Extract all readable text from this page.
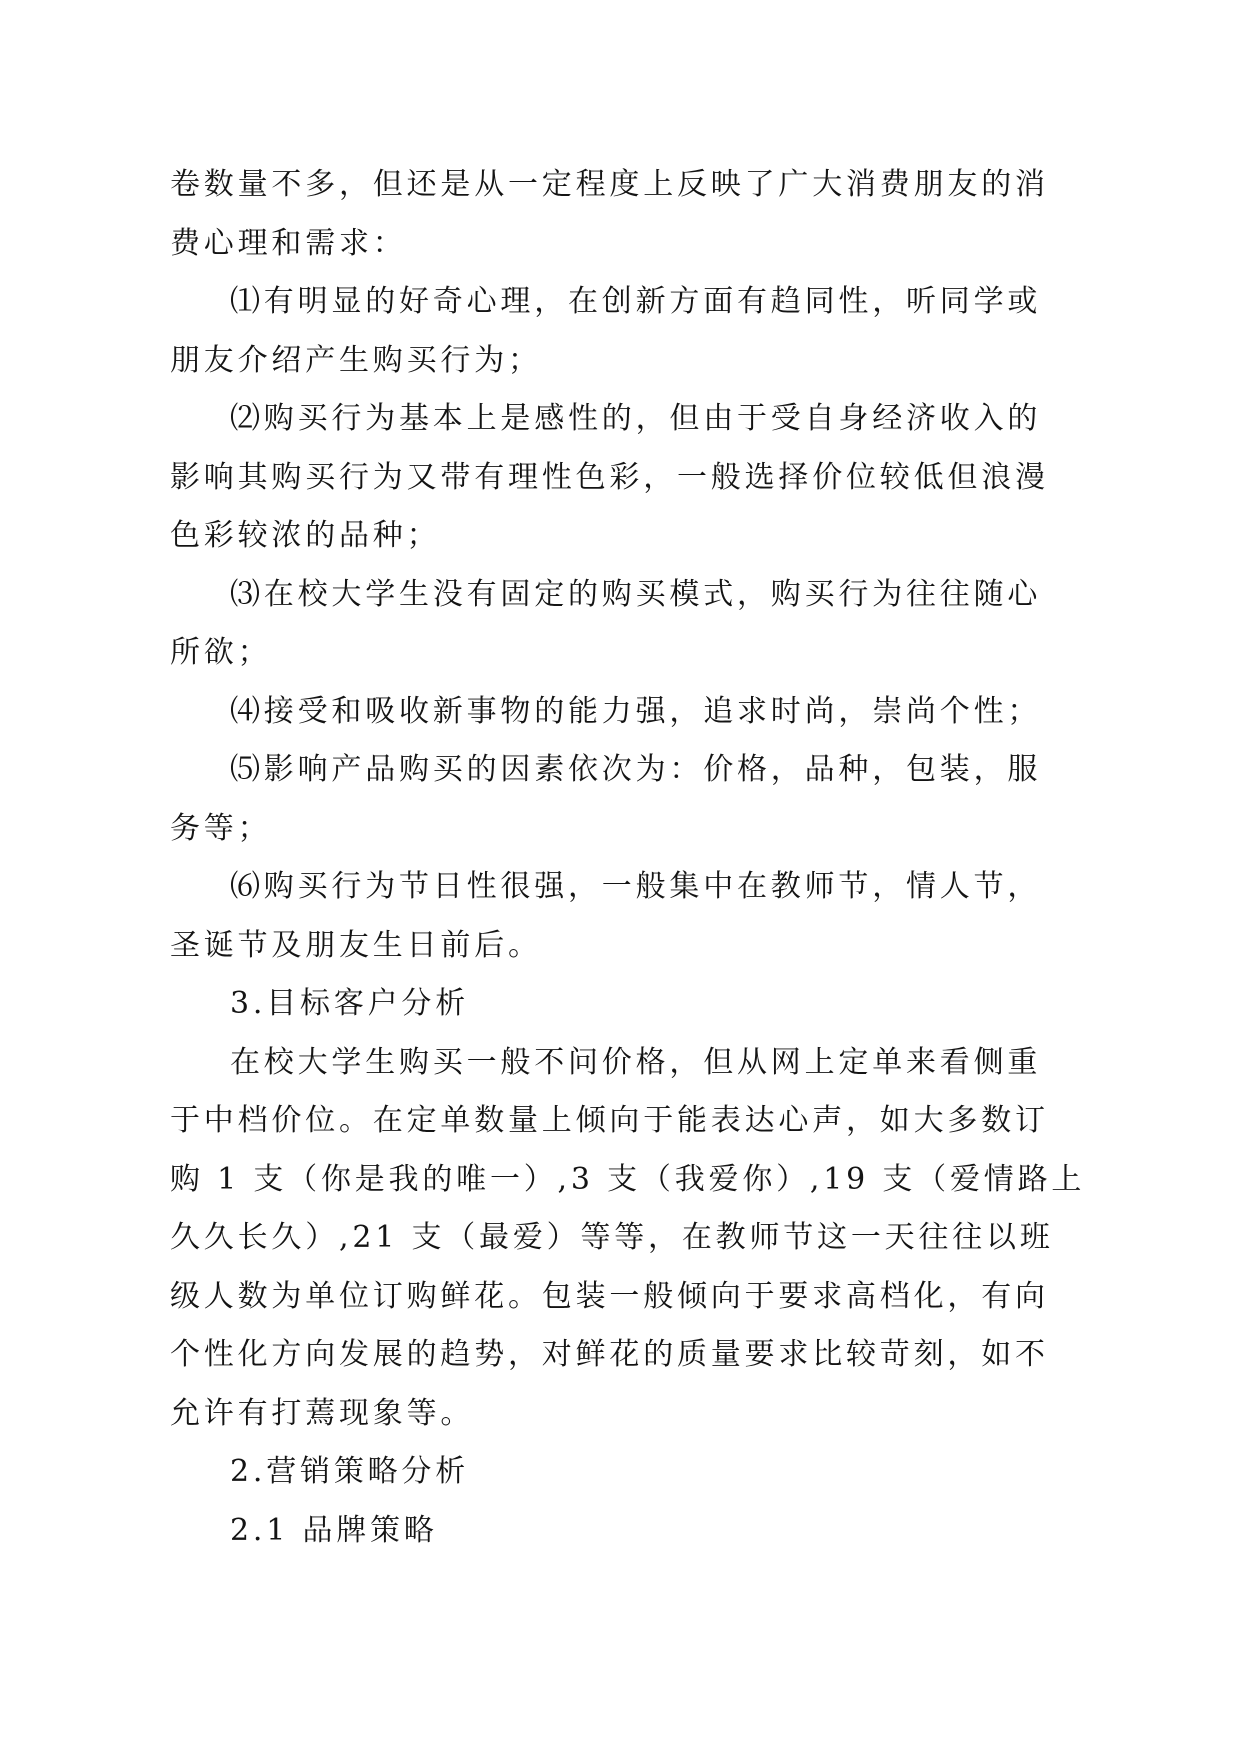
卷数量不多，但还是从一定程度上反映了广大消费朋友的消
费心理和需求：
⑴有明显的好奇心理，在创新方面有趋同性，听同学或
朋友介绍产生购买行为；
⑵购买行为基本上是感性的，但由于受自身经济收入的
影响其购买行为又带有理性色彩，一般选择价位较低但浪漫
色彩较浓的品种；
⑶在校大学生没有固定的购买模式，购买行为往往随心
所欲；
⑷接受和吸收新事物的能力强，追求时尚，崇尚个性；
⑸影响产品购买的因素依次为：价格，品种，包装，服
务等；
⑹购买行为节日性很强，一般集中在教师节，情人节，
圣诞节及朋友生日前后。
3.目标客户分析
在校大学生购买一般不问价格，但从网上定单来看侧重
于中档价位。在定单数量上倾向于能表达心声，如大多数订
购 1 支（你是我的唯一）,3 支（我爱你）,19 支（爱情路上
久久长久）,21 支（最爱）等等，在教师节这一天往往以班
级人数为单位订购鲜花。包装一般倾向于要求高档化，有向
个性化方向发展的趋势，对鲜花的质量要求比较苛刻，如不
允许有打蔫现象等。
2.营销策略分析
2.1 品牌策略
